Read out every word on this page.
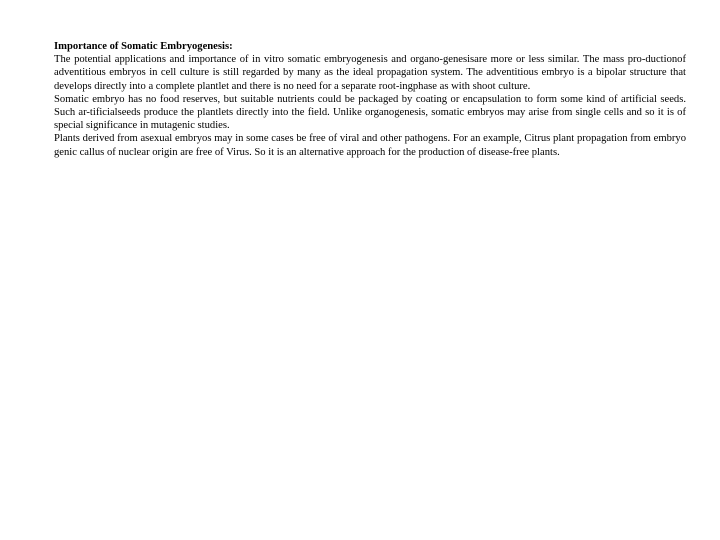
Importance of Somatic Embryogenesis:

The potential applications and importance of in vitro somatic embryogenesis and organo-genesisare more or less similar. The mass pro-ductionof adventitious embryos in cell culture is still regarded by many as the ideal propagation system. The adventitious embryo is a bipolar structure that develops directly into a complete plantlet and there is no need for a separate root-ingphase as with shoot culture.

Somatic embryo has no food reserves, but suitable nutrients could be packaged by coating or encapsulation to form some kind of artificial seeds. Such ar-tificialseeds produce the plantlets directly into the field. Unlike organogenesis, somatic embryos may arise from single cells and so it is of special significance in mutagenic studies.

Plants derived from asexual embryos may in some cases be free of viral and other pathogens. For an example, Citrus plant propagation from embryo genic callus of nuclear origin are free of Virus. So it is an alternative approach for the production of disease-free plants.
